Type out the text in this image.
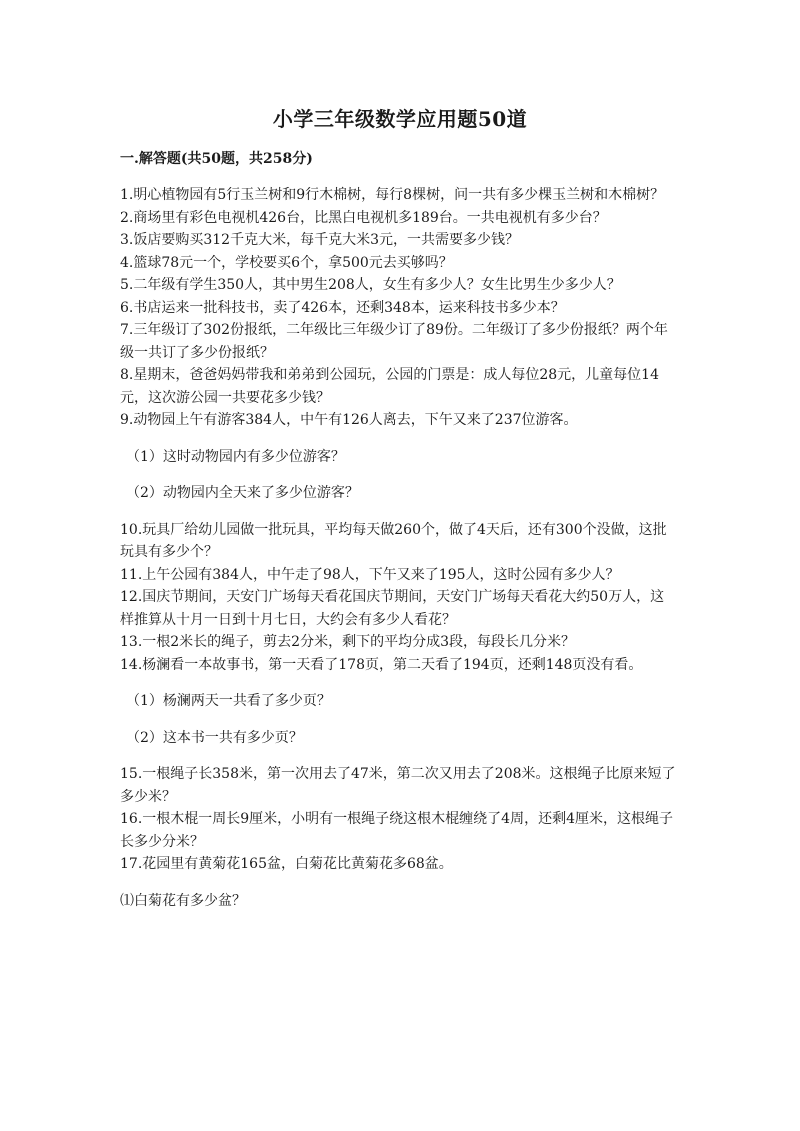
小学三年级数学应用题50道
一.解答题(共50题，共258分)

1.明心植物园有5行玉兰树和9行木棉树，每行8棵树，问一共有多少棵玉兰树和木棉树？

2.商场里有彩色电视机426台，比黑白电视机多189台。一共电视机有多少台？

3.饭店要购买312千克大米，每千克大米3元，一共需要多少钱？

4.篮球78元一个，学校要买6个，拿500元去买够吗？

5.二年级有学生350人，其中男生208人，女生有多少人？女生比男生少多少人？

6.书店运来一批科技书，卖了426本，还剩348本，运来科技书多少本？

7.三年级订了302份报纸，二年级比三年级少订了89份。二年级订了多少份报纸？两个年级一共订了多少份报纸？

8.星期末，爸爸妈妈带我和弟弟到公园玩，公园的门票是：成人每位28元，儿童每位14元，这次游公园一共要花多少钱？

9.动物园上午有游客384人，中午有126人离去，下午又来了237位游客。

（1）这时动物园内有多少位游客？

（2）动物园内全天来了多少位游客？

10.玩具厂给幼儿园做一批玩具，平均每天做260个，做了4天后，还有300个没做，这批玩具有多少个？

11.上午公园有384人，中午走了98人，下午又来了195人，这时公园有多少人？

12.国庆节期间，天安门广场每天看花国庆节期间，天安门广场每天看花大约50万人，这样推算从十月一日到十月七日，大约会有多少人看花？

13.一根2米长的绳子，剪去2分米，剩下的平均分成3段，每段长几分米？

14.杨澜看一本故事书，第一天看了178页，第二天看了194页，还剩148页没有看。

（1）杨澜两天一共看了多少页？

（2）这本书一共有多少页？

15.一根绳子长358米，第一次用去了47米，第二次又用去了208米。这根绳子比原来短了多少米？

16.一根木棍一周长9厘米，小明有一根绳子绕这根木棍缠绕了4周，还剩4厘米，这根绳子长多少分米？

17.花园里有黄菊花165盆，白菊花比黄菊花多68盆。

⑴白菊花有多少盆？
